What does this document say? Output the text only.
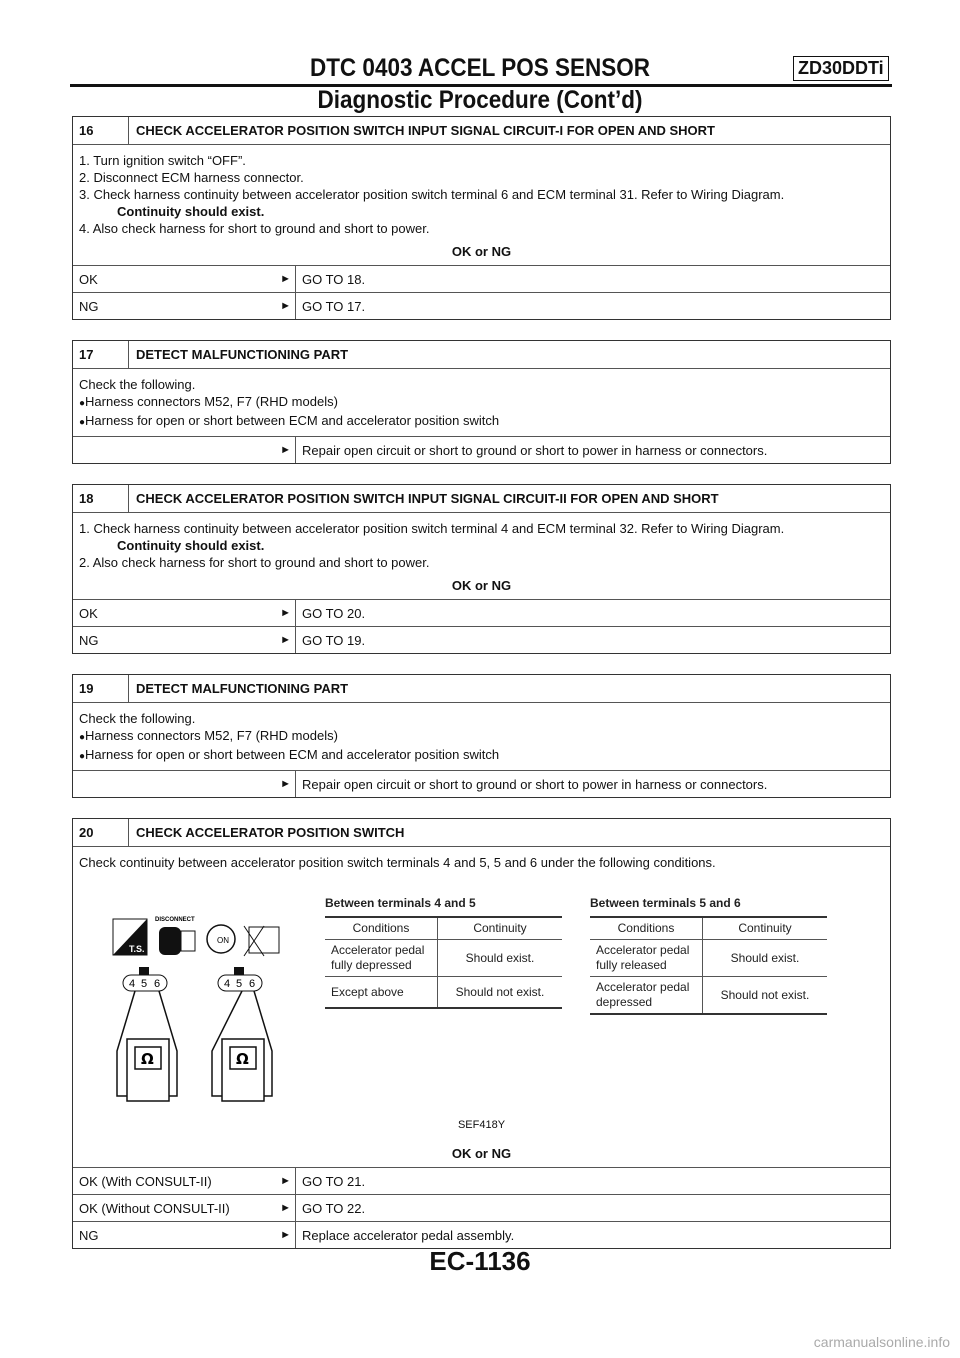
DTC 0403 ACCEL POS SENSOR	ZD30DDTi
Diagnostic Procedure (Cont’d)
16	CHECK ACCELERATOR POSITION SWITCH INPUT SIGNAL CIRCUIT-I FOR OPEN AND SHORT
1. Turn ignition switch “OFF”.
2. Disconnect ECM harness connector.
3. Check harness continuity between accelerator position switch terminal 6 and ECM terminal 31. Refer to Wiring Diagram.
Continuity should exist.
4. Also check harness for short to ground and short to power.
OK or NG
OK	► GO TO 18.
NG	► GO TO 17.
17	DETECT MALFUNCTIONING PART
Check the following.
●Harness connectors M52, F7 (RHD models)
●Harness for open or short between ECM and accelerator position switch
► Repair open circuit or short to ground or short to power in harness or connectors.
18	CHECK ACCELERATOR POSITION SWITCH INPUT SIGNAL CIRCUIT-II FOR OPEN AND SHORT
1. Check harness continuity between accelerator position switch terminal 4 and ECM terminal 32. Refer to Wiring Diagram.
Continuity should exist.
2. Also check harness for short to ground and short to power.
OK or NG
OK	► GO TO 20.
NG	► GO TO 19.
19	DETECT MALFUNCTIONING PART
Check the following.
●Harness connectors M52, F7 (RHD models)
●Harness for open or short between ECM and accelerator position switch
► Repair open circuit or short to ground or short to power in harness or connectors.
20	CHECK ACCELERATOR POSITION SWITCH
Check continuity between accelerator position switch terminals 4 and 5, 5 and 6 under the following conditions.
T.S.
DISCONNECT
ON
4 5 6
Ω
4 5 6
Ω
Between terminals 4 and 5
Conditions	Continuity
Accelerator pedal fully depressed	Should exist.
Except above	Should not exist.
Between terminals 5 and 6
Conditions	Continuity
Accelerator pedal fully released	Should exist.
Accelerator pedal depressed	Should not exist.
SEF418Y
OK or NG
OK (With CONSULT-II)	► GO TO 21.
OK (Without CONSULT-II)	► GO TO 22.
NG	► Replace accelerator pedal assembly.
EC-1136
carmanualsonline.info
